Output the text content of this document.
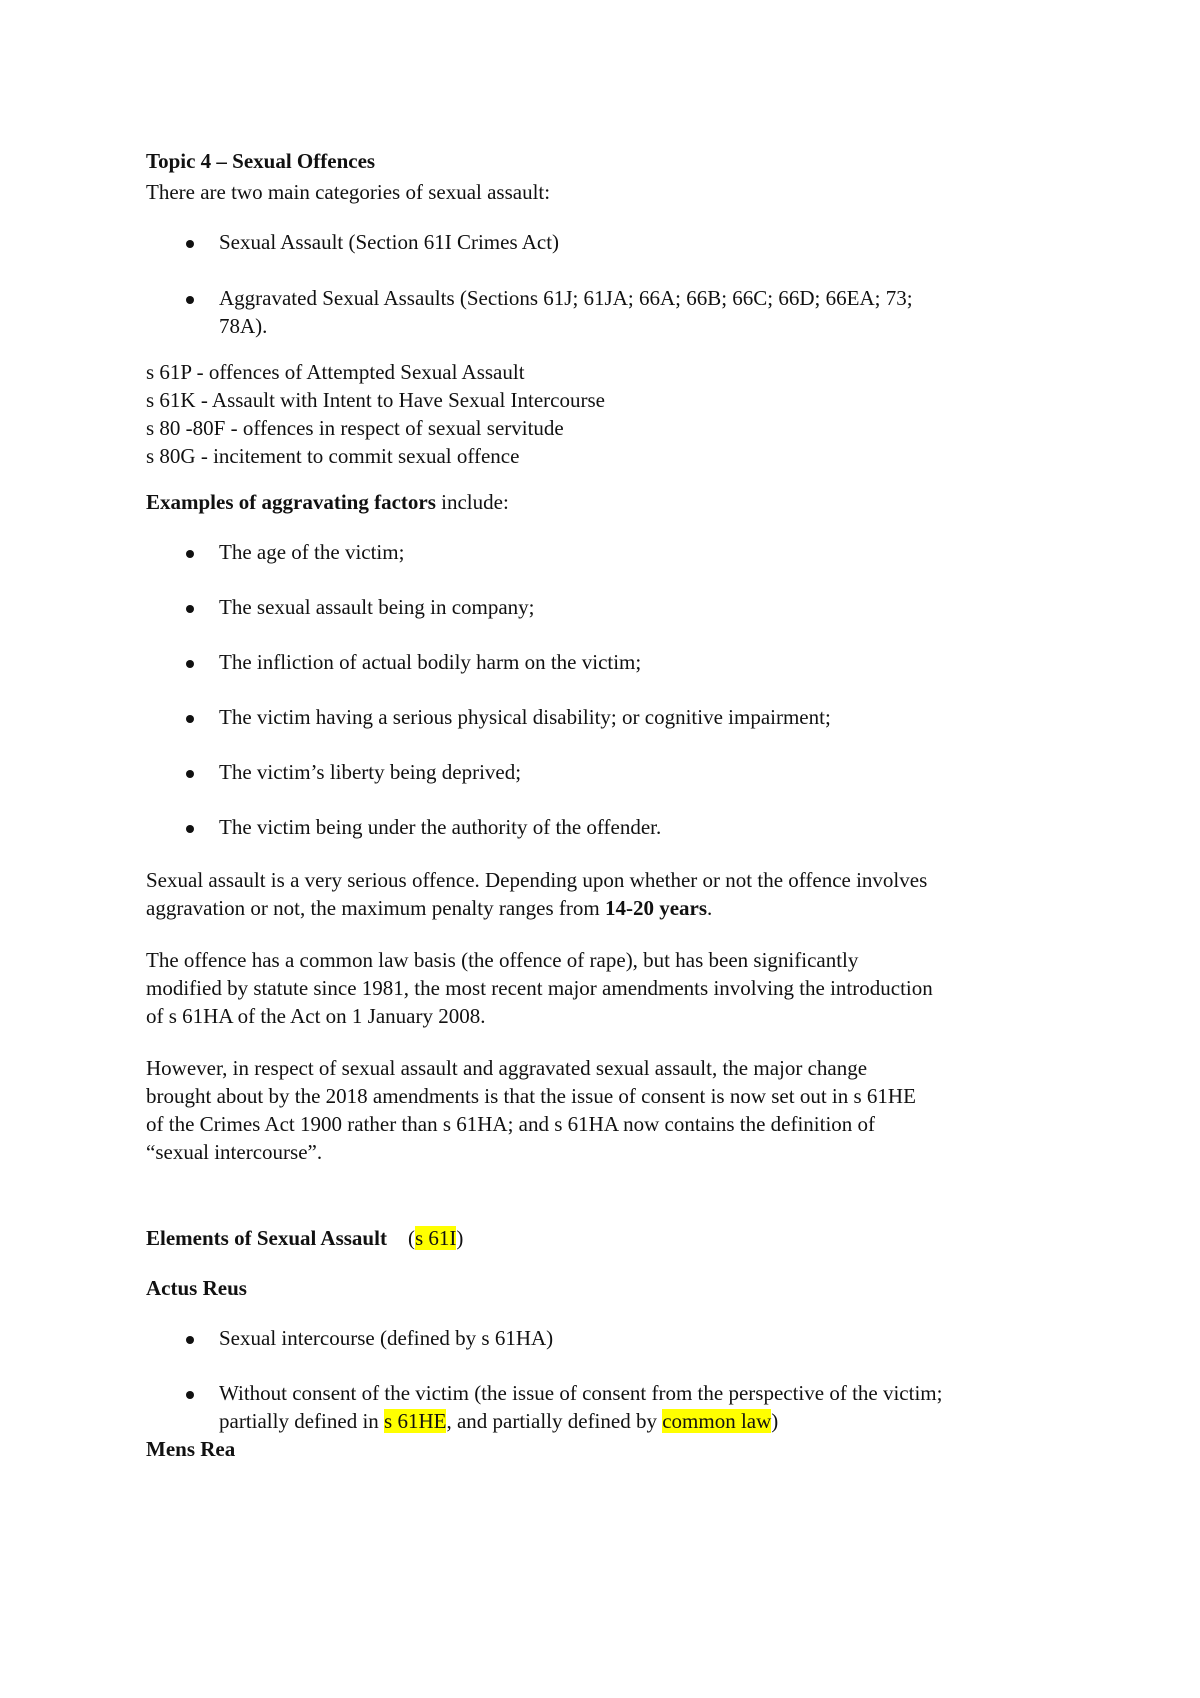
Topic 4 – Sexual Offences

There are two main categories of sexual assault:

Sexual Assault (Section 61I Crimes Act)
Aggravated Sexual Assaults (Sections 61J; 61JA; 66A; 66B; 66C; 66D; 66EA; 73;
78A).

s 61P - offences of Attempted Sexual Assault

s 61K - Assault with Intent to Have Sexual Intercourse

s 80 -80F - offences in respect of sexual servitude

s 80G - incitement to commit sexual offence

Examples of aggravating factors include:

The age of the victim;
The sexual assault being in company;
The infliction of actual bodily harm on the victim;
The victim having a serious physical disability; or cognitive impairment;
The victim’s liberty being deprived;
The victim being under the authority of the offender.

Sexual assault is a very serious offence. Depending upon whether or not the offence involves
aggravation or not, the maximum penalty ranges from 14-20 years.

The offence has a common law basis (the offence of rape), but has been significantly
modified by statute since 1981, the most recent major amendments involving the introduction
of s 61HA of the Act on 1 January 2008.

However, in respect of sexual assault and aggravated sexual assault, the major change
brought about by the 2018 amendments is that the issue of consent is now set out in s 61HE
of the Crimes Act 1900 rather than s 61HA; and s 61HA now contains the definition of
“sexual intercourse”.

Elements of Sexual Assault (s 61I)

Actus Reus

Sexual intercourse (defined by s 61HA)
Without consent of the victim (the issue of consent from the perspective of the victim;
partially defined in s 61HE, and partially defined by common law)

Mens Rea
